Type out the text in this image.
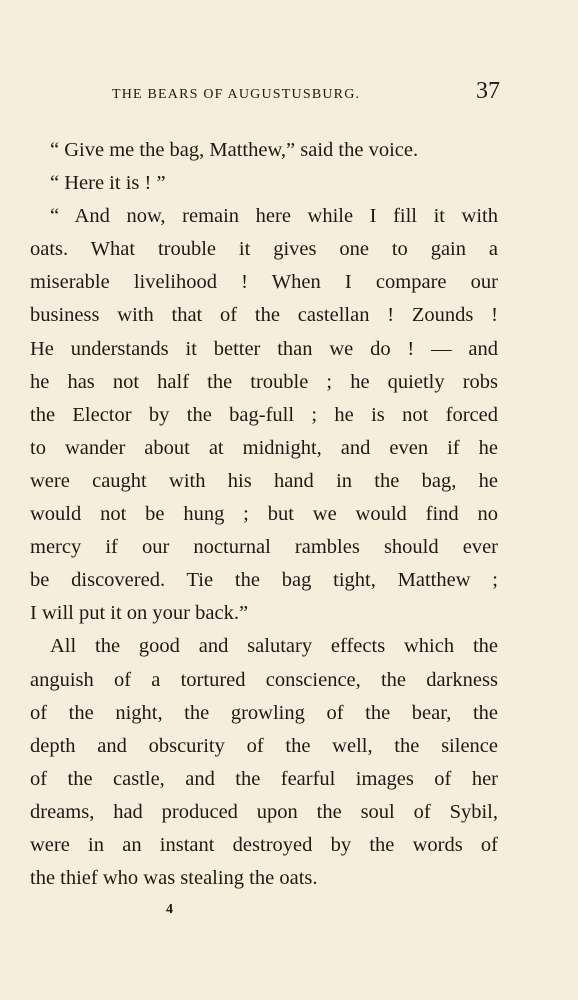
THE BEARS OF AUGUSTUSBURG.	37
“ Give me the bag, Matthew,” said the voice.
“ Here it is ! ”
“ And now, remain here while I fill it with
oats. What trouble it gives one to gain a
miserable livelihood ! When I compare our
business with that of the castellan ! Zounds !
He understands it better than we do ! — and
he has not half the trouble ; he quietly robs
the Elector by the bag-full ; he is not forced
to wander about at midnight, and even if he
were caught with his hand in the bag, he
would not be hung ; but we would find no
mercy if our nocturnal rambles should ever
be discovered. Tie the bag tight, Matthew ;
I will put it on your back.”
All the good and salutary effects which the
anguish of a tortured conscience, the darkness
of the night, the growling of the bear, the
depth and obscurity of the well, the silence
of the castle, and the fearful images of her
dreams, had produced upon the soul of Sybil,
were in an instant destroyed by the words of
the thief who was stealing the oats.
4
